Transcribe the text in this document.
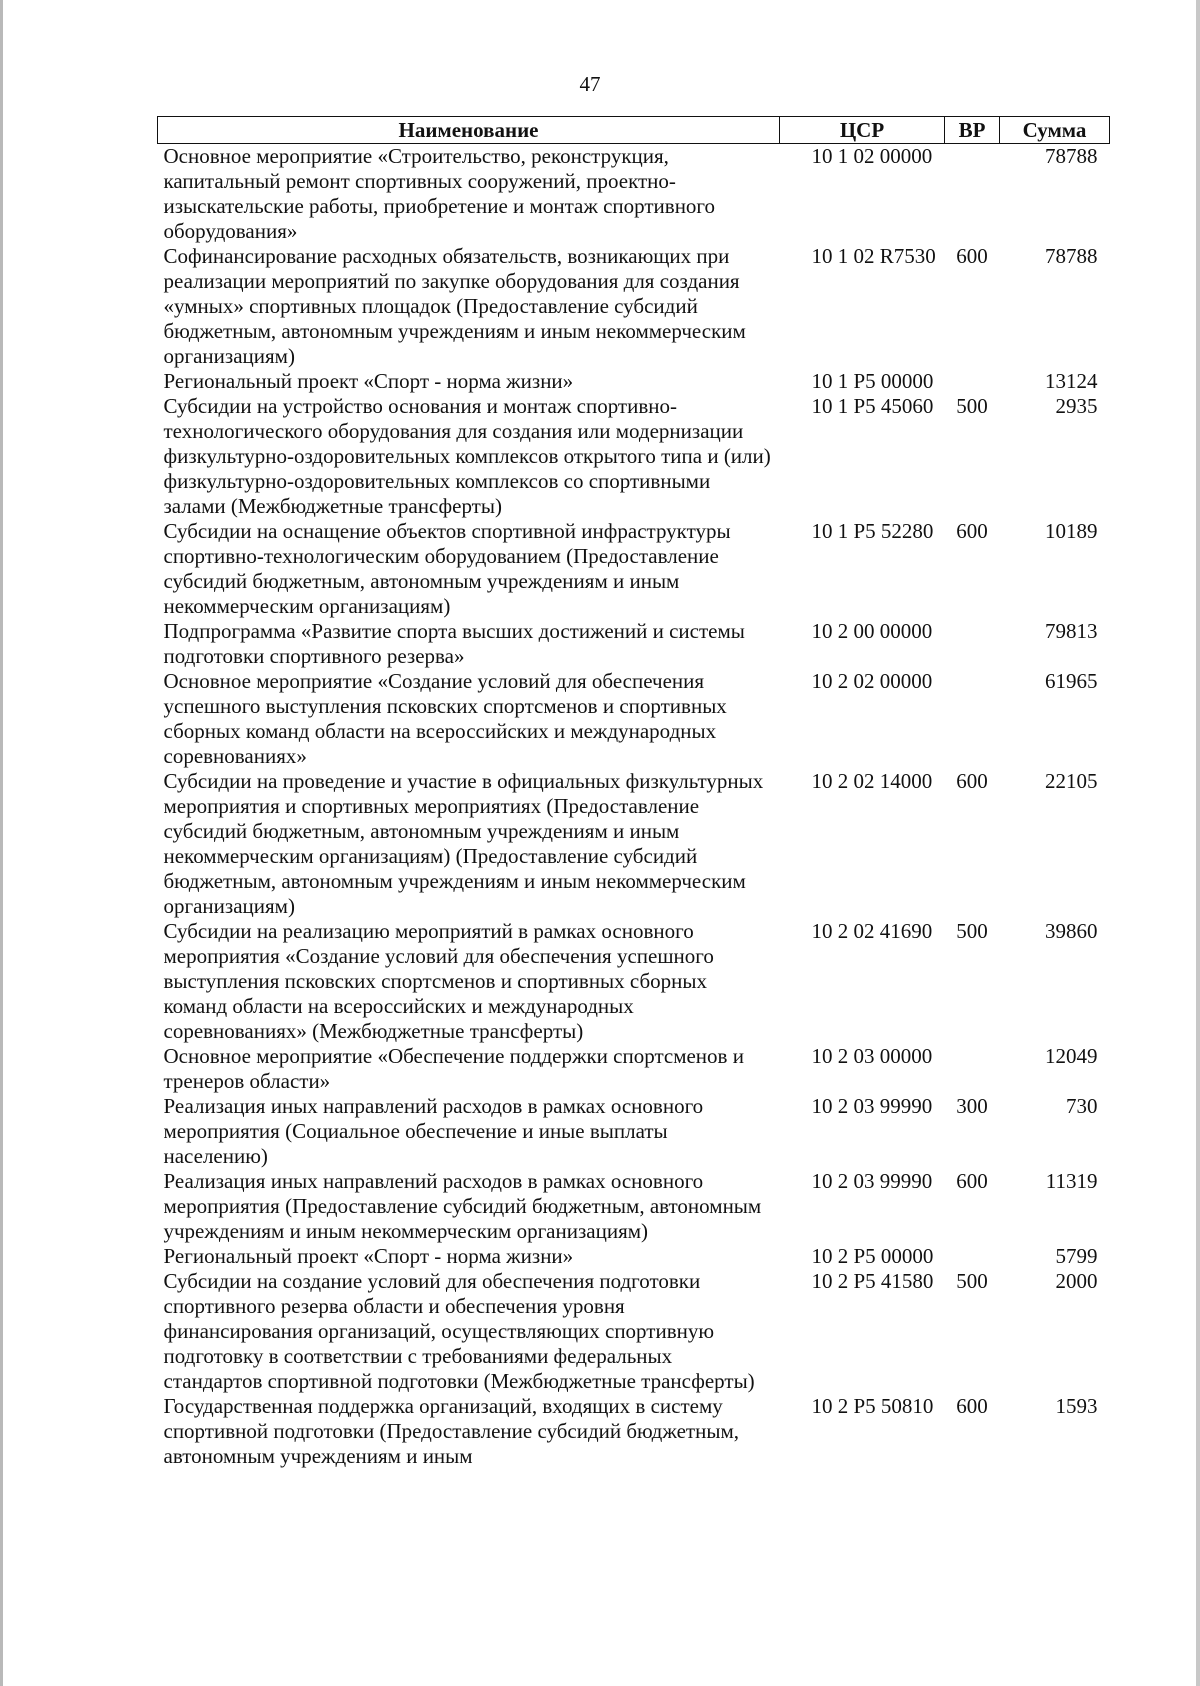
47
Наименование	ЦСР	ВР	Сумма
Основное мероприятие «Строительство, реконструкция, капитальный ремонт спортивных сооружений, проектно-изыскательские работы, приобретение и монтаж спортивного оборудования»	10 1 02 00000		78788
Софинансирование расходных обязательств, возникающих при реализации мероприятий по закупке оборудования для создания «умных» спортивных площадок (Предоставление субсидий бюджетным, автономным учреждениям и иным некоммерческим организациям)	10 1 02 R7530	600	78788
Региональный проект «Спорт - норма жизни»	10 1 P5 00000		13124
Субсидии на устройство основания и монтаж спортивно-технологического оборудования для создания или модернизации физкультурно-оздоровительных комплексов открытого типа и (или) физкультурно-оздоровительных комплексов со спортивными залами (Межбюджетные трансферты)	10 1 P5 45060	500	2935
Субсидии на оснащение объектов спортивной инфраструктуры спортивно-технологическим оборудованием (Предоставление субсидий бюджетным, автономным учреждениям и иным некоммерческим организациям)	10 1 P5 52280	600	10189
Подпрограмма «Развитие спорта высших достижений и системы подготовки спортивного резерва»	10 2 00 00000		79813
Основное мероприятие «Создание условий для обеспечения успешного выступления псковских спортсменов и спортивных сборных команд области на всероссийских и международных соревнованиях»	10 2 02 00000		61965
Субсидии на проведение и участие в официальных физкультурных мероприятия и спортивных мероприятиях (Предоставление субсидий бюджетным, автономным учреждениям и иным некоммерческим организациям) (Предоставление субсидий бюджетным, автономным учреждениям и иным некоммерческим организациям)	10 2 02 14000	600	22105
Субсидии на реализацию мероприятий в рамках основного мероприятия «Создание условий для обеспечения успешного выступления псковских спортсменов и спортивных сборных команд области на всероссийских и международных соревнованиях» (Межбюджетные трансферты)	10 2 02 41690	500	39860
Основное мероприятие «Обеспечение поддержки спортсменов и тренеров области»	10 2 03 00000		12049
Реализация иных направлений расходов в рамках основного мероприятия (Социальное обеспечение и иные выплаты населению)	10 2 03 99990	300	730
Реализация иных направлений расходов в рамках основного мероприятия (Предоставление субсидий бюджетным, автономным учреждениям и иным некоммерческим организациям)	10 2 03 99990	600	11319
Региональный проект «Спорт - норма жизни»	10 2 P5 00000		5799
Субсидии на создание условий для обеспечения подготовки спортивного резерва области и обеспечения уровня финансирования организаций, осуществляющих спортивную подготовку в соответствии с требованиями федеральных стандартов спортивной подготовки (Межбюджетные трансферты)	10 2 P5 41580	500	2000
Государственная поддержка организаций, входящих в систему спортивной подготовки (Предоставление субсидий бюджетным, автономным учреждениям и иным	10 2 P5 50810	600	1593
